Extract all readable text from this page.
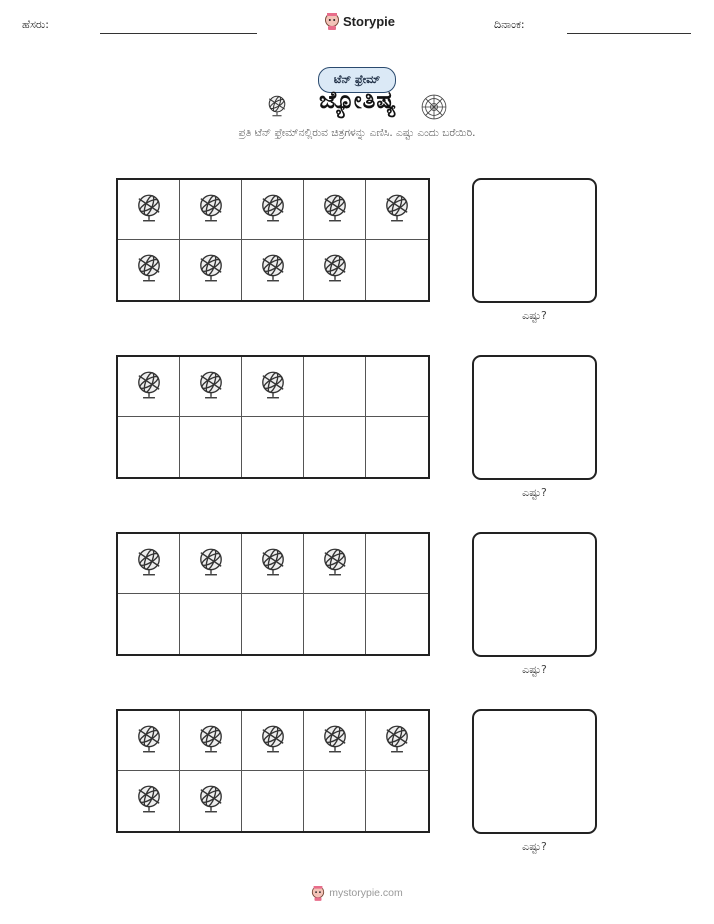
ಹೆಸರು:	Storypie	ದಿನಾಂಕ:
ಟೆನ್ ಫ್ರೇಮ್
ಜ್ಯೋತಿಷ್ಯ
ಪ್ರತಿ ಟೆನ್ ಫ್ರೇಮ್‌ನಲ್ಲಿರುವ ಚಿತ್ರಗಳನ್ನು ಎಣಿಸಿ. ಎಷ್ಟು ಎಂದು ಬರೆಯಿರಿ.
ಎಷ್ಟು?
ಎಷ್ಟು?
ಎಷ್ಟು?
ಎಷ್ಟು?
mystorypie.com
